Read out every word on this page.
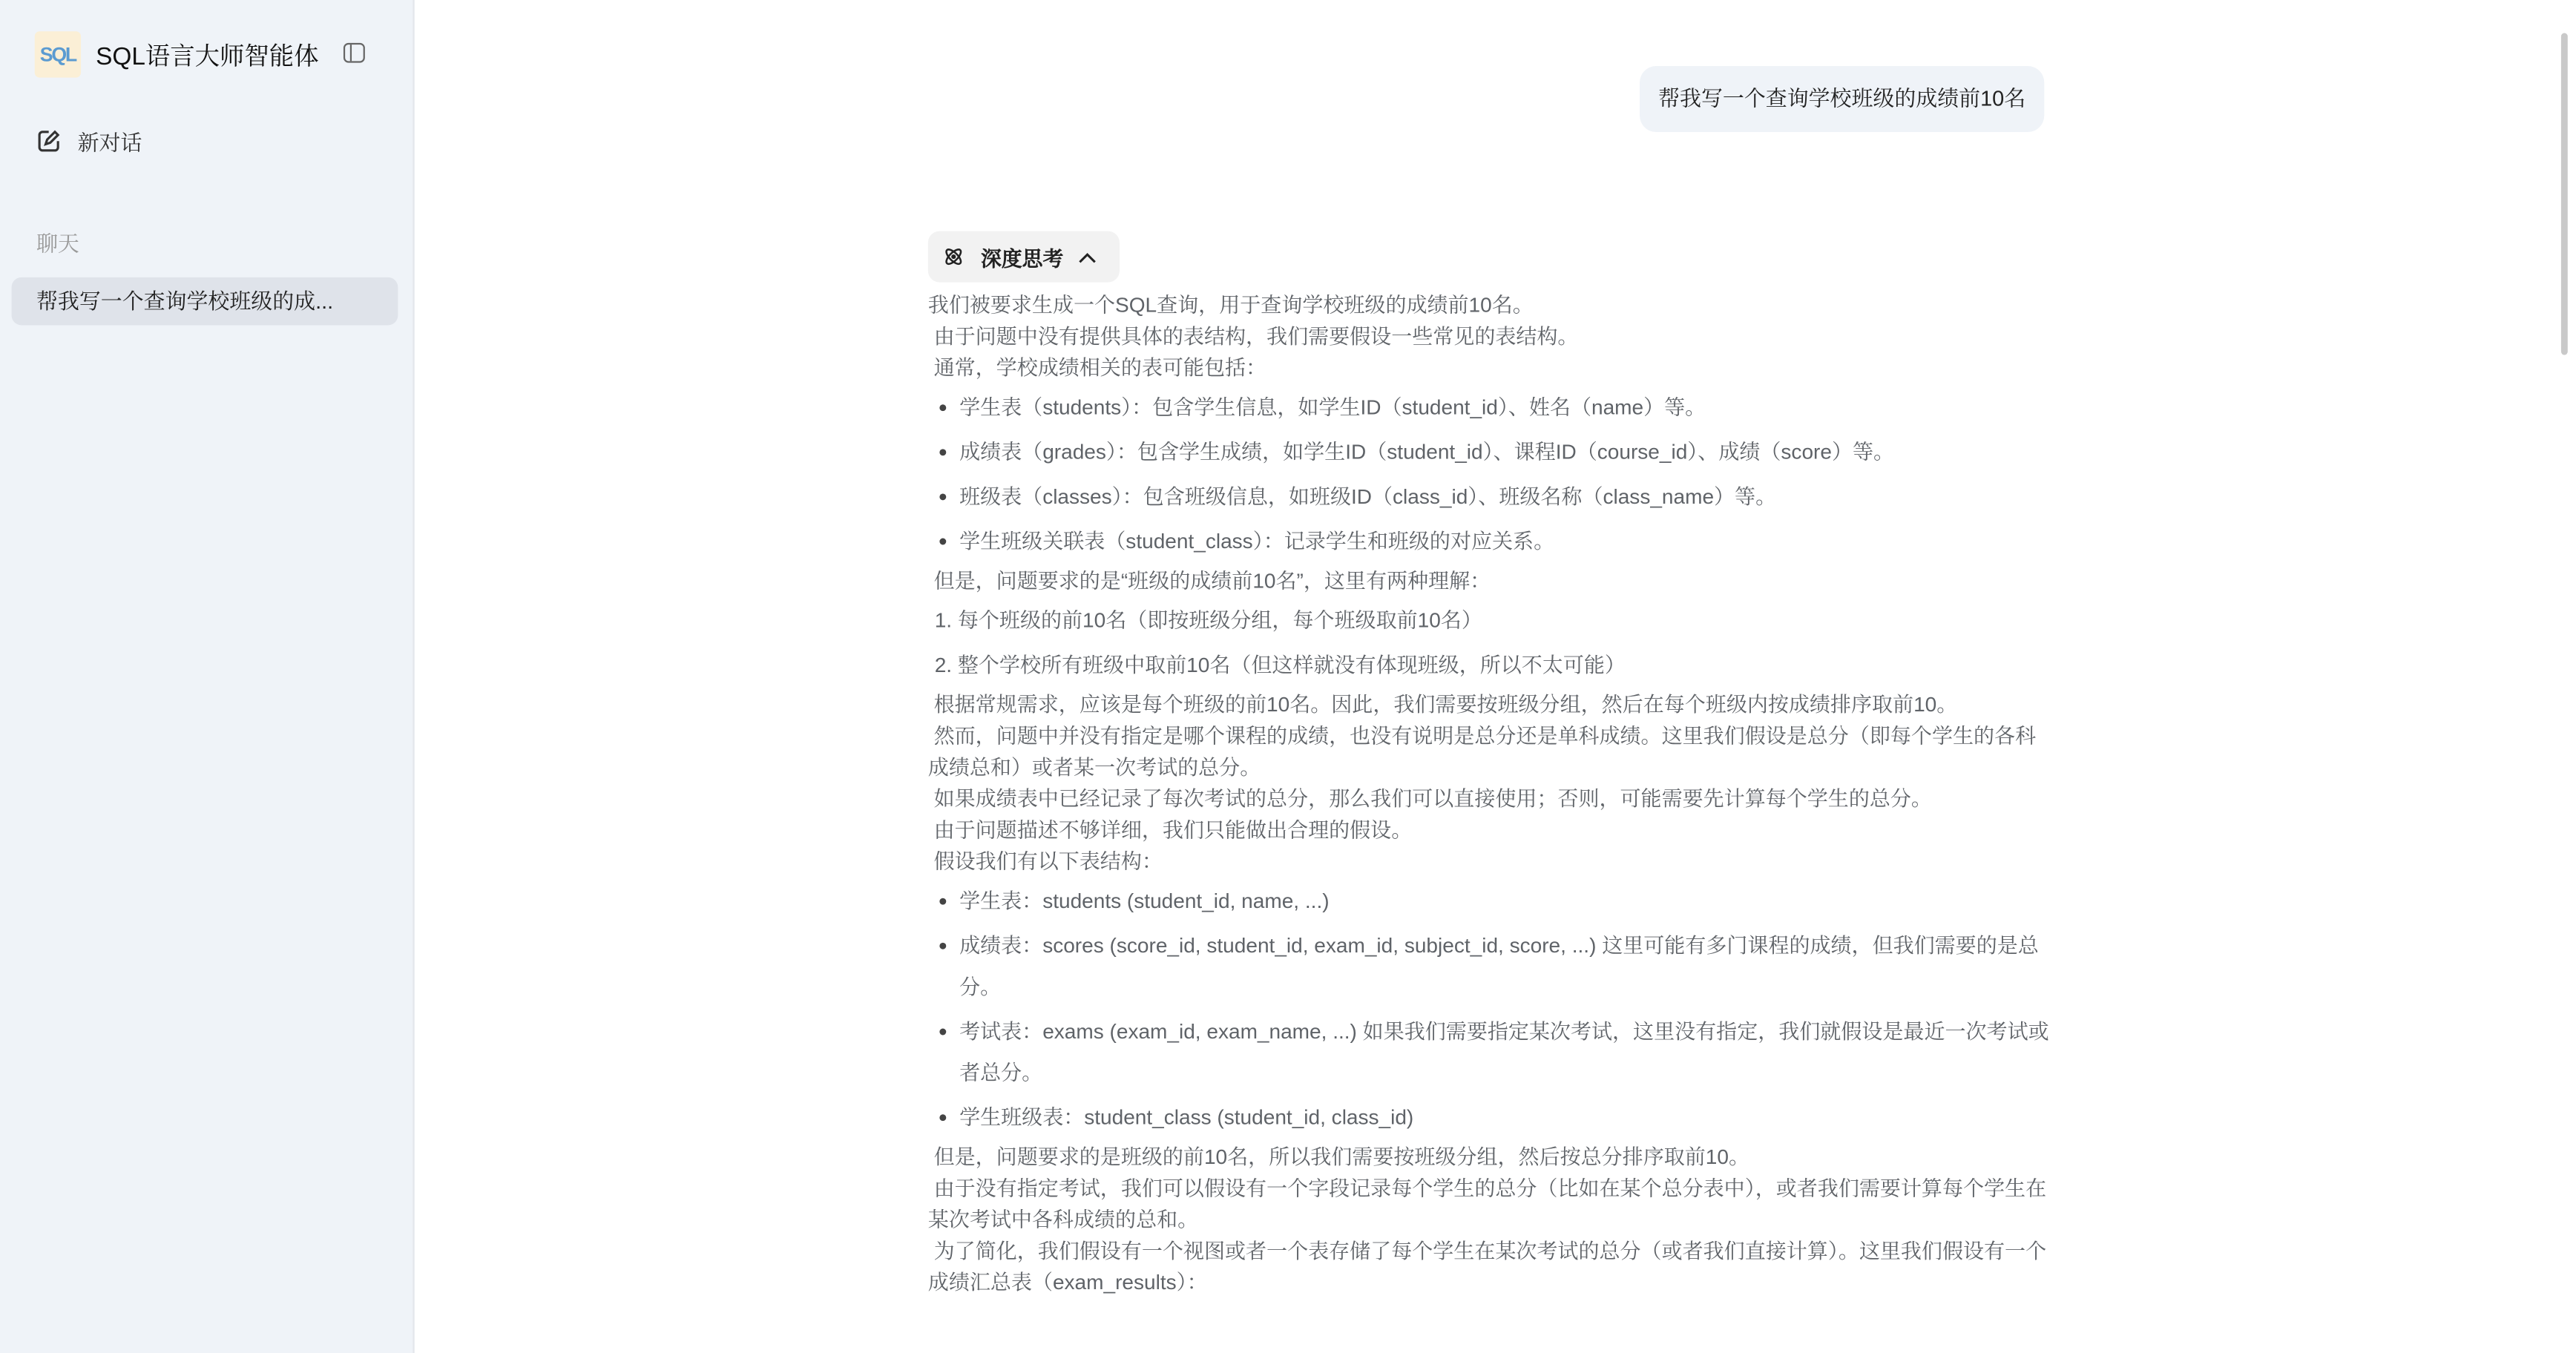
SQL	SQL语言大师智能体
新对话
聊天
帮我写一个查询学校班级的成...
帮我写一个查询学校班级的成绩前10名
深度思考
我们被要求生成一个SQL查询，用于查询学校班级的成绩前10名。
由于问题中没有提供具体的表结构，我们需要假设一些常见的表结构。
通常，学校成绩相关的表可能包括：
学生表（students）：包含学生信息，如学生ID（student_id）、姓名（name）等。
成绩表（grades）：包含学生成绩，如学生ID（student_id）、课程ID（course_id）、成绩（score）等。
班级表（classes）：包含班级信息，如班级ID（class_id）、班级名称（class_name）等。
学生班级关联表（student_class）：记录学生和班级的对应关系。
但是，问题要求的是“班级的成绩前10名”，这里有两种理解：
1. 每个班级的前10名（即按班级分组，每个班级取前10名）
2. 整个学校所有班级中取前10名（但这样就没有体现班级，所以不太可能）
根据常规需求，应该是每个班级的前10名。因此，我们需要按班级分组，然后在每个班级内按成绩排序取前10。
然而，问题中并没有指定是哪个课程的成绩，也没有说明是总分还是单科成绩。这里我们假设是总分（即每个学生的各科成绩总和）或者某一次考试的总分。
如果成绩表中已经记录了每次考试的总分，那么我们可以直接使用；否则，可能需要先计算每个学生的总分。
由于问题描述不够详细，我们只能做出合理的假设。
假设我们有以下表结构：
学生表：students (student_id, name, ...)
成绩表：scores (score_id, student_id, exam_id, subject_id, score, ...) 这里可能有多门课程的成绩，但我们需要的是总分。
考试表：exams (exam_id, exam_name, ...) 如果我们需要指定某次考试，这里没有指定，我们就假设是最近一次考试或者总分。
学生班级表：student_class (student_id, class_id)
但是，问题要求的是班级的前10名，所以我们需要按班级分组，然后按总分排序取前10。
由于没有指定考试，我们可以假设有一个字段记录每个学生的总分（比如在某个总分表中），或者我们需要计算每个学生在某次考试中各科成绩的总和。
为了简化，我们假设有一个视图或者一个表存储了每个学生在某次考试的总分（或者我们直接计算）。这里我们假设有一个成绩汇总表（exam_results）：
